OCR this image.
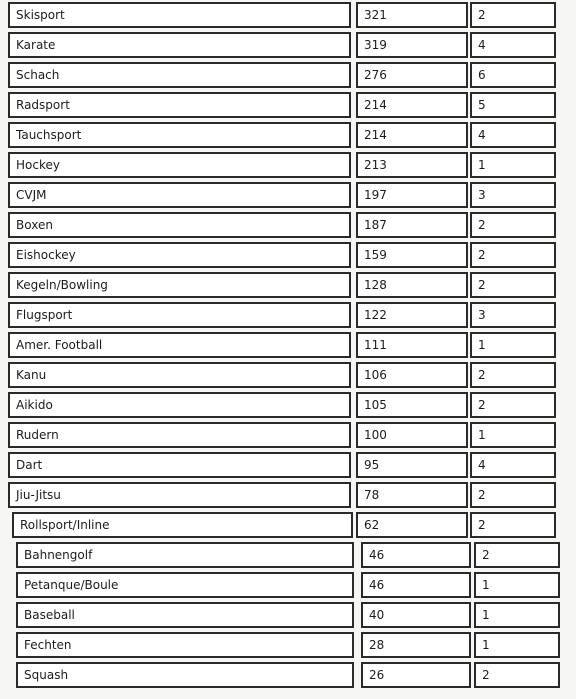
Skisport	321	2
Karate	319	4
Schach	276	6
Radsport	214	5
Tauchsport	214	4
Hockey	213	1
CVJM	197	3
Boxen	187	2
Eishockey	159	2
Kegeln/Bowling	128	2
Flugsport	122	3
Amer. Football	111	1
Kanu	106	2
Aikido	105	2
Rudern	100	1
Dart	95	4
Jiu-Jitsu	78	2
Rollsport/Inline	62	2
Bahnengolf	46	2
Petanque/Boule	46	1
Baseball	40	1
Fechten	28	1
Squash	26	2
